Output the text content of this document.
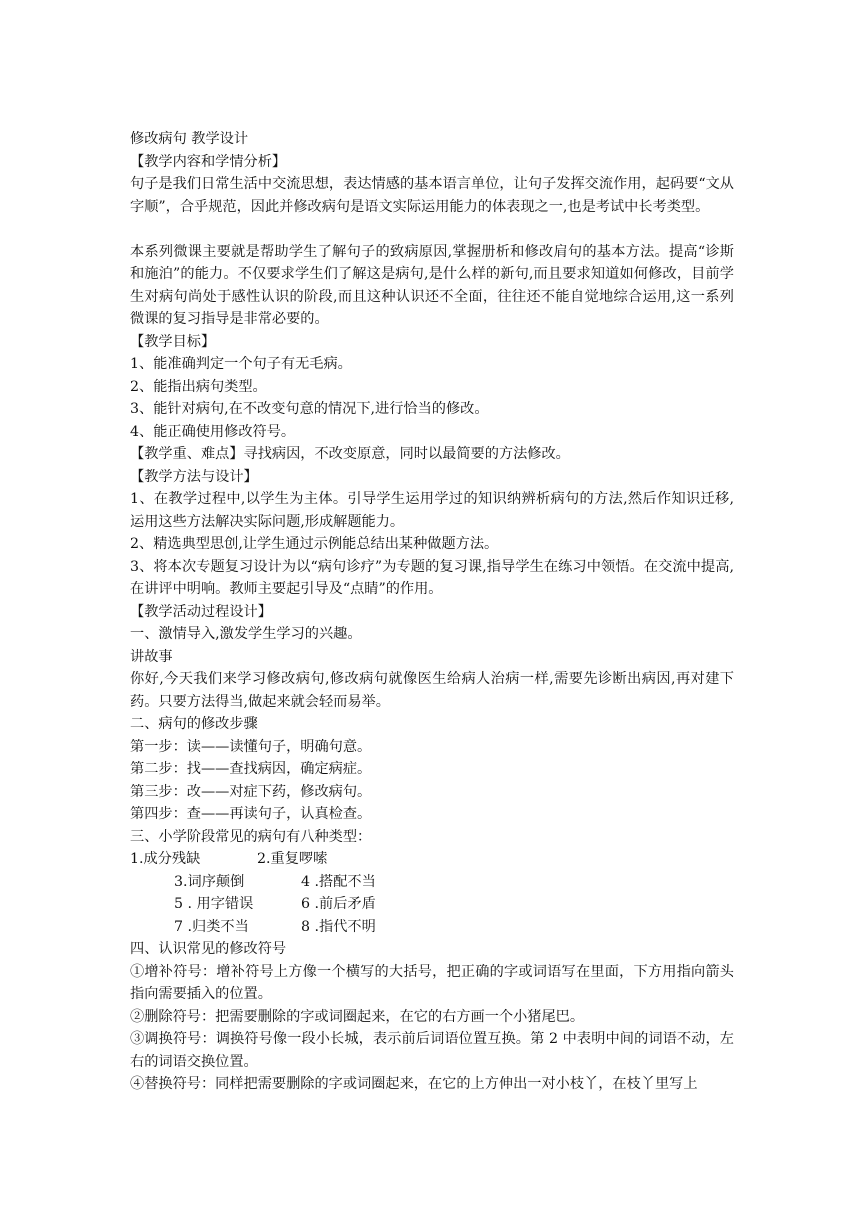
修改病句 教学设计
【教学内容和学情分析】
句子是我们日常生活中交流思想，表达情感的基本语言单位，让句子发挥交流作用，起码要“文从字顺”，合乎规范，因此并修改病句是语文实际运用能力的体表现之一,也是考试中长考类型。
本系列微课主要就是帮助学生了解句子的致病原因,掌握册析和修改肩句的基本方法。提高“诊斯和施泊”的能力。不仅要求学生们了解这是病句,是什么样的新句,而且要求知道如何修改，目前学生对病句尚处于感性认识的阶段,而且这种认识还不全面，往往还不能自觉地综合运用,这一系列微课的复习指导是非常必要的。
【教学目标】
1、能准确判定一个句子有无毛病。
2、能指出病句类型。
3、能针对病句,在不改变句意的情况下,进行恰当的修改。
4、能正确使用修改符号。
【教学重、难点】寻找病因，不改变原意，同时以最简要的方法修改。
【教学方法与设计】
1、在教学过程中,以学生为主体。引导学生运用学过的知识纳辨析病句的方法,然后作知识迁移,运用这些方法解决实际问题,形成解题能力。
2、精选典型思创,让学生通过示例能总结出某种做题方法。
3、将本次专题复习设计为以“病句诊疗”为专题的复习课,指导学生在练习中领悟。在交流中提高,在讲评中明响。教师主要起引导及“点睛”的作用。
【教学活动过程设计】
一、激情导入,激发学生学习的兴趣。
讲故事
你好,今天我们来学习修改病句,修改病句就像医生给病人治病一样,需要先诊断出病因,再对建下药。只要方法得当,做起来就会轻而易举。
二、病句的修改步骤
第一步：读——读懂句子，明确句意。
第二步：找——查找病因，确定病症。
第三步：改——对症下药，修改病句。
第四步：查——再读句子，认真检查。
三、小学阶段常见的病句有八种类型：
1.成分残缺	2.重复啰嗦
3.词序颠倒	4 .搭配不当
5 . 用字错误	6 .前后矛盾
7 .归类不当	8 .指代不明
四、认识常见的修改符号
①增补符号：增补符号上方像一个横写的大括号，把正确的字或词语写在里面，下方用指向箭头指向需要插入的位置。
②删除符号：把需要删除的字或词圈起来，在它的右方画一个小猪尾巴。
③调换符号：调换符号像一段小长城，表示前后词语位置互换。第 2 中表明中间的词语不动，左右的词语交换位置。
④替换符号：同样把需要删除的字或词圈起来，在它的上方伸出一对小枝丫，在枝丫里写上
